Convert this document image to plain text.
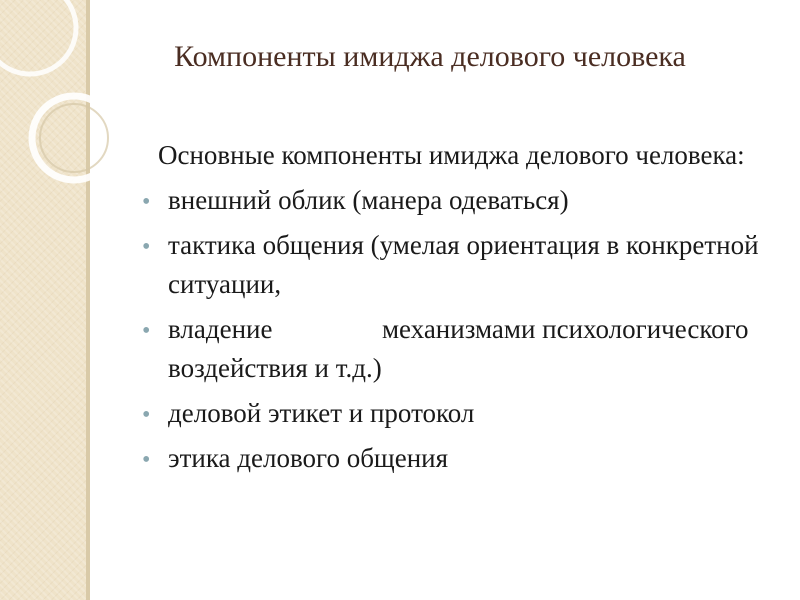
Компоненты имиджа делового человека

Основные компоненты имиджа делового человека:

• внешний облик (манера одеваться)
• тактика общения (умелая ориентация в конкретной ситуации,
• владение	механизмами психологического воздействия и т.д.)
• деловой этикет и протокол
• этика делового общения
